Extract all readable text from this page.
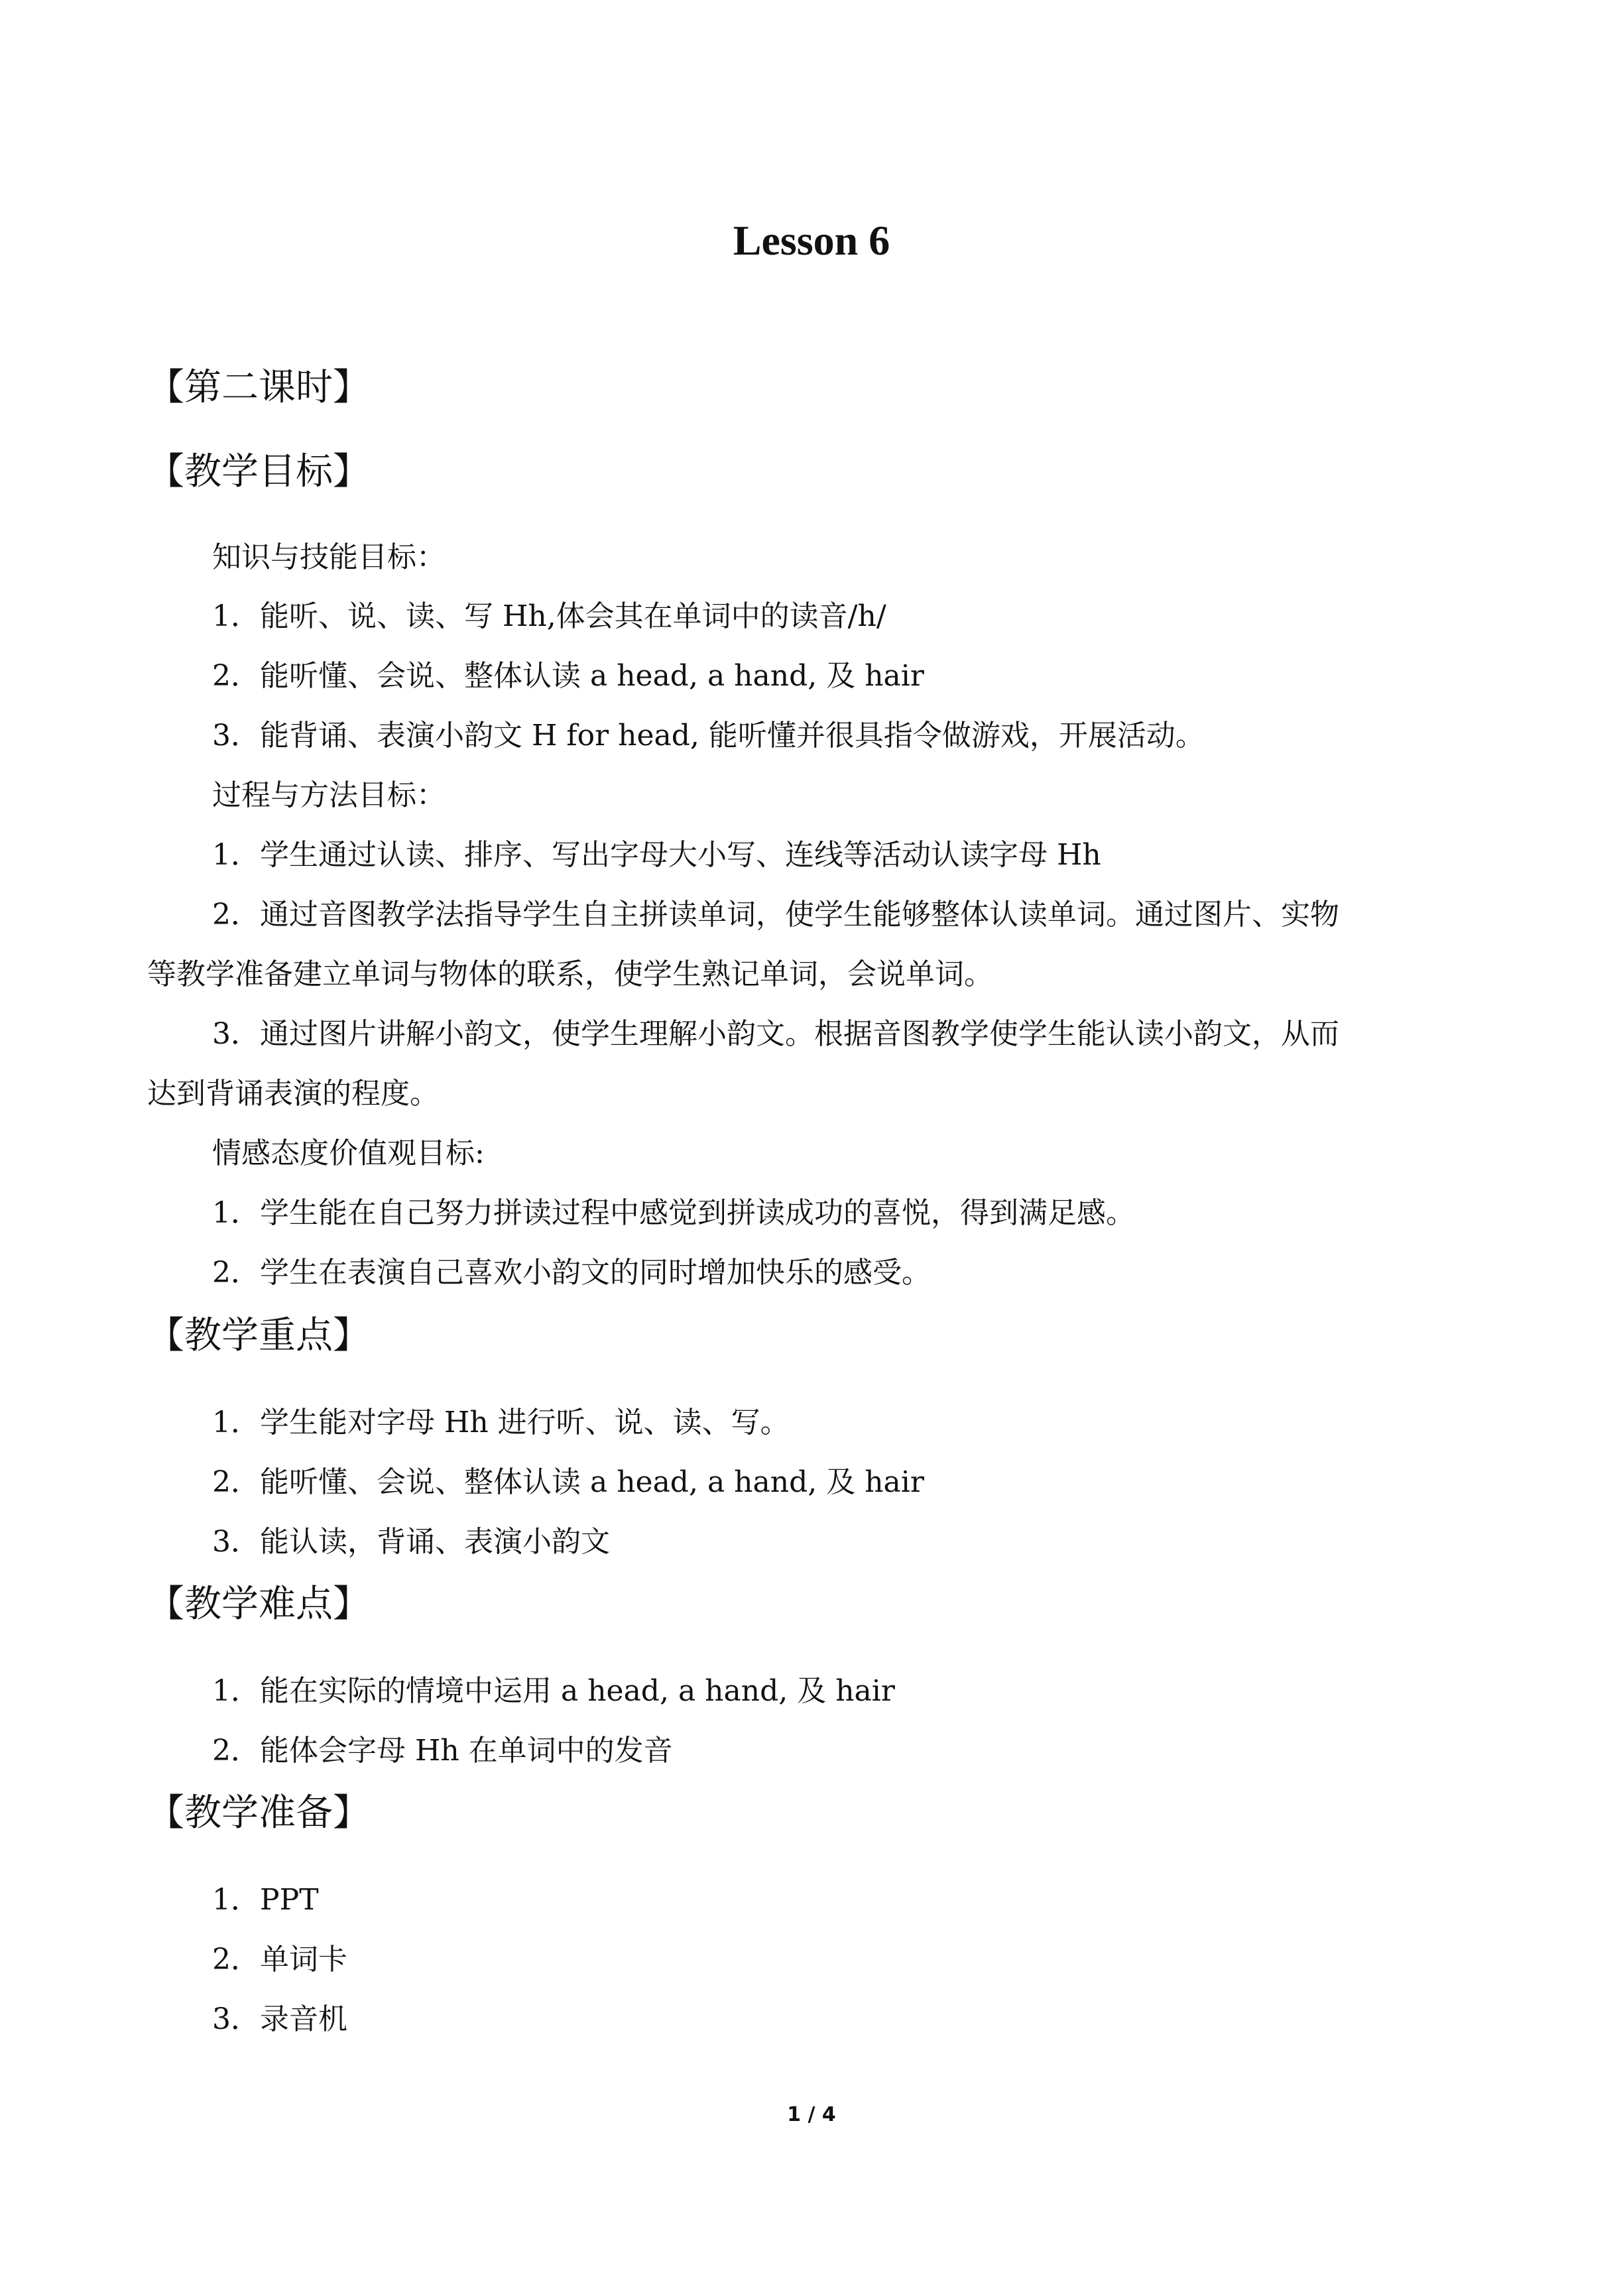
Lesson 6
【第二课时】
【教学目标】
知识与技能目标：
1．能听、说、读、写 Hh,体会其在单词中的读音/h/
2．能听懂、会说、整体认读 a head, a hand, 及 hair
3．能背诵、表演小韵文 H for head, 能听懂并很具指令做游戏，开展活动。
过程与方法目标：
1．学生通过认读、排序、写出字母大小写、连线等活动认读字母 Hh
2．通过音图教学法指导学生自主拼读单词，使学生能够整体认读单词。通过图片、实物
等教学准备建立单词与物体的联系，使学生熟记单词，会说单词。
3．通过图片讲解小韵文，使学生理解小韵文。根据音图教学使学生能认读小韵文，从而
达到背诵表演的程度。
情感态度价值观目标:
1．学生能在自己努力拼读过程中感觉到拼读成功的喜悦，得到满足感。
2．学生在表演自己喜欢小韵文的同时增加快乐的感受。
【教学重点】
1．学生能对字母 Hh 进行听、说、读、写。
2．能听懂、会说、整体认读 a head, a hand, 及 hair
3．能认读，背诵、表演小韵文
【教学难点】
1．能在实际的情境中运用 a head, a hand, 及 hair
2．能体会字母 Hh 在单词中的发音
【教学准备】
1．PPT
2．单词卡
3．录音机
1 / 4
